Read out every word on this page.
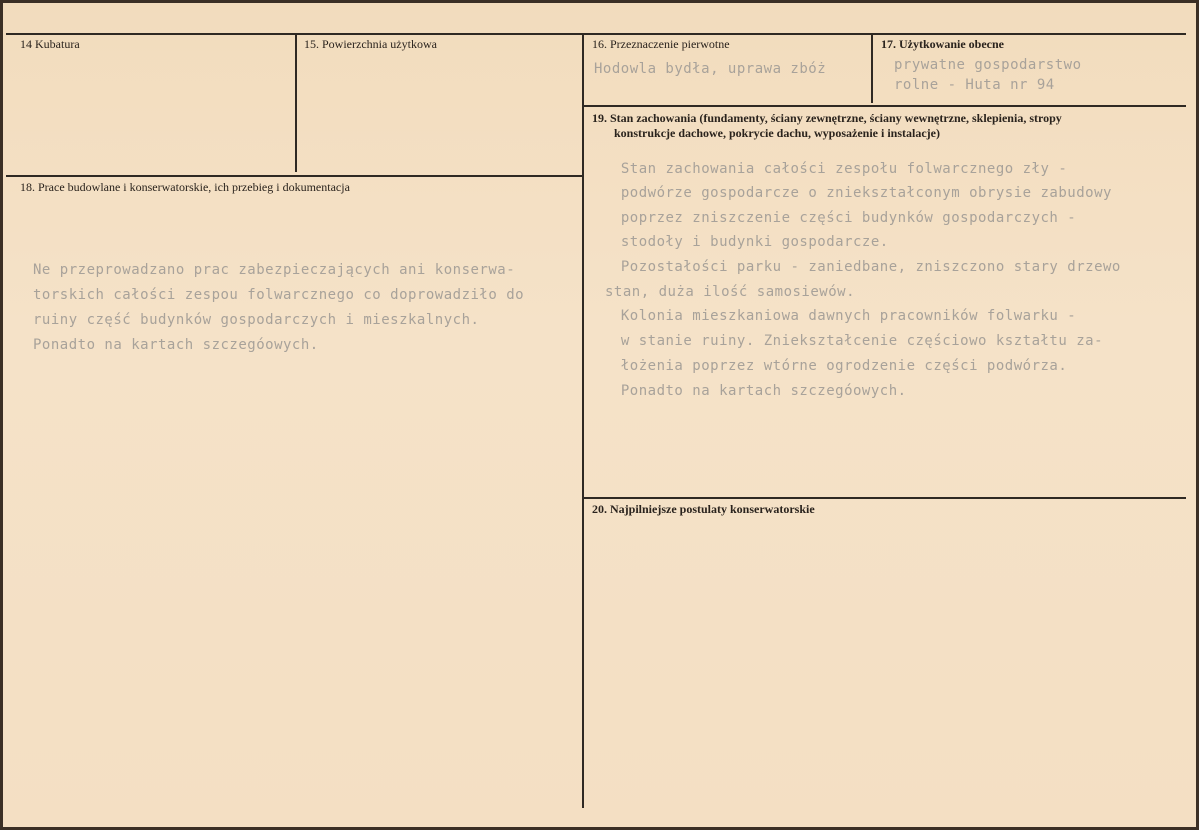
14 Kubatura	15. Powierzchnia użytkowa	16. Przeznaczenie pierwotne
Hodowla bydła, uprawa zbóż
17. Użytkowanie obecne
prywatne gospodarstwo
rolne - Huta nr 94
18. Prace budowlane i konserwatorskie, ich przebieg i dokumentacja
Ne przeprowadzano prac zabezpieczających ani konserwa-
torskich całości zespou folwarcznego co doprowadziło do
ruiny część budynków gospodarczych i mieszkalnych.
Ponadto na kartach szczegóowych.
19. Stan zachowania (fundamenty, ściany zewnętrzne, ściany wewnętrzne, sklepienia, stropy
konstrukcje dachowe, pokrycie dachu, wyposażenie i instalacje)
Stan zachowania całości zespołu folwarcznego zły -
podwórze gospodarcze o zniekształconym obrysie zabudowy
poprzez zniszczenie części budynków gospodarczych -
stodoły i budynki gospodarcze.
Pozostałości parku - zaniedbane, zniszczono stary drzewo
stan, duża ilość samosiewów.
Kolonia mieszkaniowa dawnych pracowników folwarku -
w stanie ruiny. Zniekształcenie częściowo kształtu za-
łożenia poprzez wtórne ogrodzenie części podwórza.
Ponadto na kartach szczegóowych.
20. Najpilniejsze postulaty konserwatorskie
